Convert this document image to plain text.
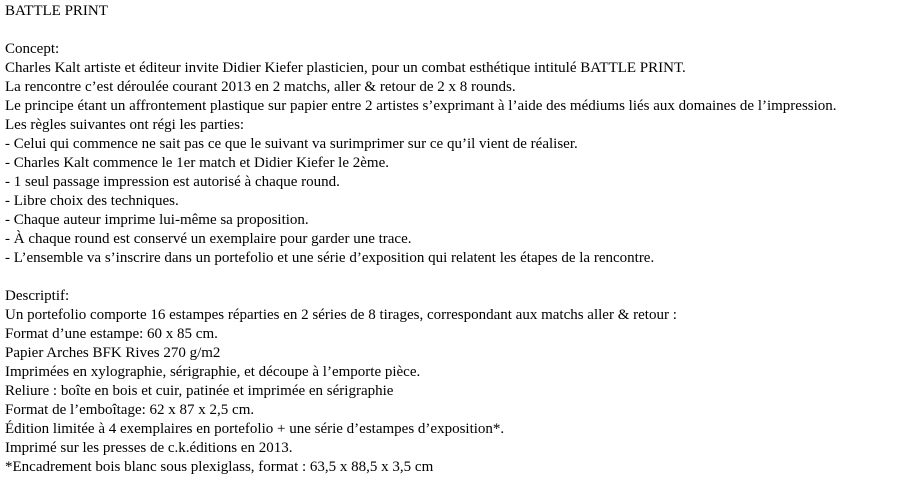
BATTLE PRINT
Concept:
Charles Kalt artiste et éditeur invite Didier Kiefer plasticien, pour un combat esthétique intitulé BATTLE PRINT.
La rencontre c’est déroulée courant 2013 en 2 matchs, aller & retour de 2 x 8 rounds.
Le principe étant un affrontement plastique sur papier entre 2 artistes s’exprimant à l’aide des médiums liés aux domaines de l’impression.
Les règles suivantes ont régi les parties:
- Celui qui commence ne sait pas ce que le suivant va surimprimer sur ce qu’il vient de réaliser.
- Charles Kalt commence le 1er match et Didier Kiefer le 2ème.
- 1 seul passage impression est autorisé à chaque round.
- Libre choix des techniques.
- Chaque auteur imprime lui-même sa proposition.
- À chaque round est conservé un exemplaire pour garder une trace.
- L’ensemble va s’inscrire dans un portefolio et une série d’exposition qui relatent les étapes de la rencontre.
Descriptif:
Un portefolio comporte 16 estampes réparties en 2 séries de 8 tirages, correspondant aux matchs aller & retour :
Format d’une estampe: 60 x 85 cm.
Papier Arches BFK Rives 270 g/m2
Imprimées en xylographie, sérigraphie, et découpe à l’emporte pièce.
Reliure : boîte en bois et cuir, patinée et imprimée en sérigraphie
Format de l’emboîtage: 62 x 87 x 2,5 cm.
Édition limitée à 4 exemplaires en portefolio + une série d’estampes d’exposition*.
Imprimé sur les presses de c.k.éditions en 2013.
*Encadrement bois blanc sous plexiglass, format : 63,5 x 88,5 x 3,5 cm
